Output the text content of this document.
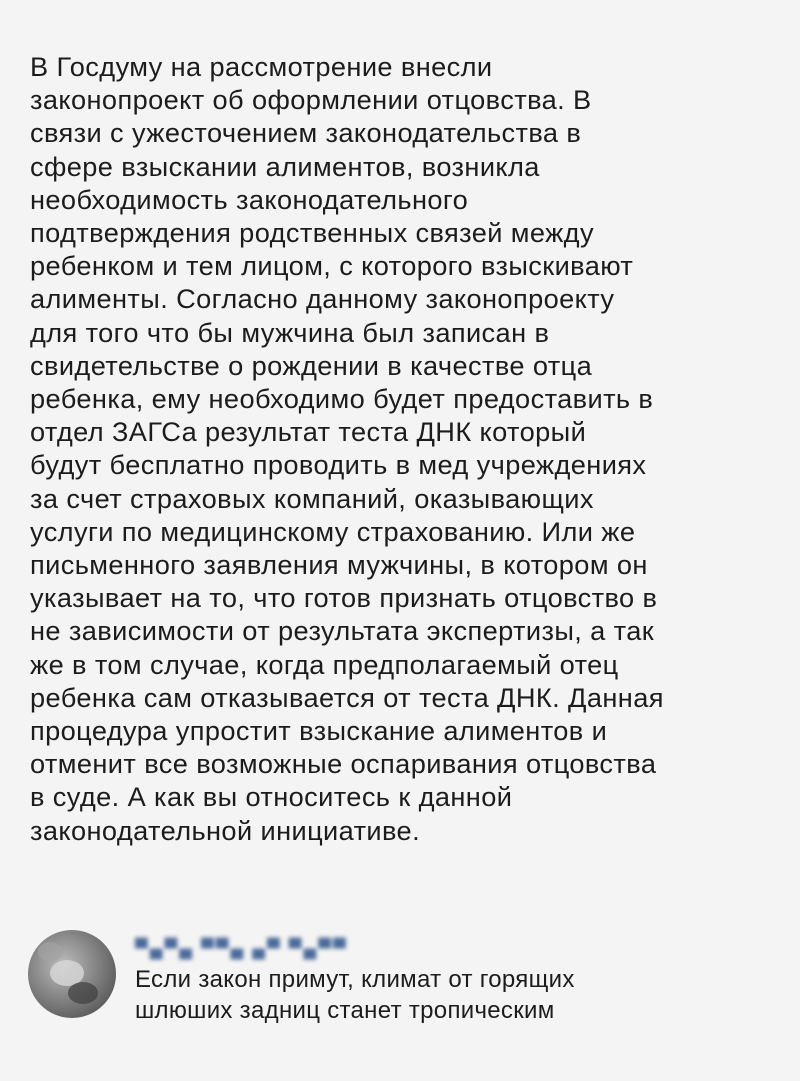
В Госдуму на рассмотрение внесли
законопроект об оформлении отцовства. В
связи с ужесточением законодательства в
сфере взыскании алиментов, возникла
необходимость законодательного
подтверждения родственных связей между
ребенком и тем лицом, с которого взыскивают
алименты. Согласно данному законопроекту
для того что бы мужчина был записан в
свидетельстве о рождении в качестве отца
ребенка, ему необходимо будет предоставить в
отдел ЗАГСа результат теста ДНК который
будут бесплатно проводить в мед учреждениях
за счет страховых компаний, оказывающих
услуги по медицинскому страхованию. Или же
письменного заявления мужчины, в котором он
указывает на то, что готов признать отцовство в
не зависимости от результата экспертизы, а так
же в том случае, когда предполагаемый отец
ребенка сам отказывается от теста ДНК. Данная
процедура упростит взыскание алиментов и
отменит все возможные оспаривания отцовства
в суде. А как вы относитесь к данной
законодательной инициативе.
▀▄▀▄ ▀▀▄ ▄▀ ▀▄▀▀
Если закон примут, климат от горящих
шлюших задниц станет тропическим
